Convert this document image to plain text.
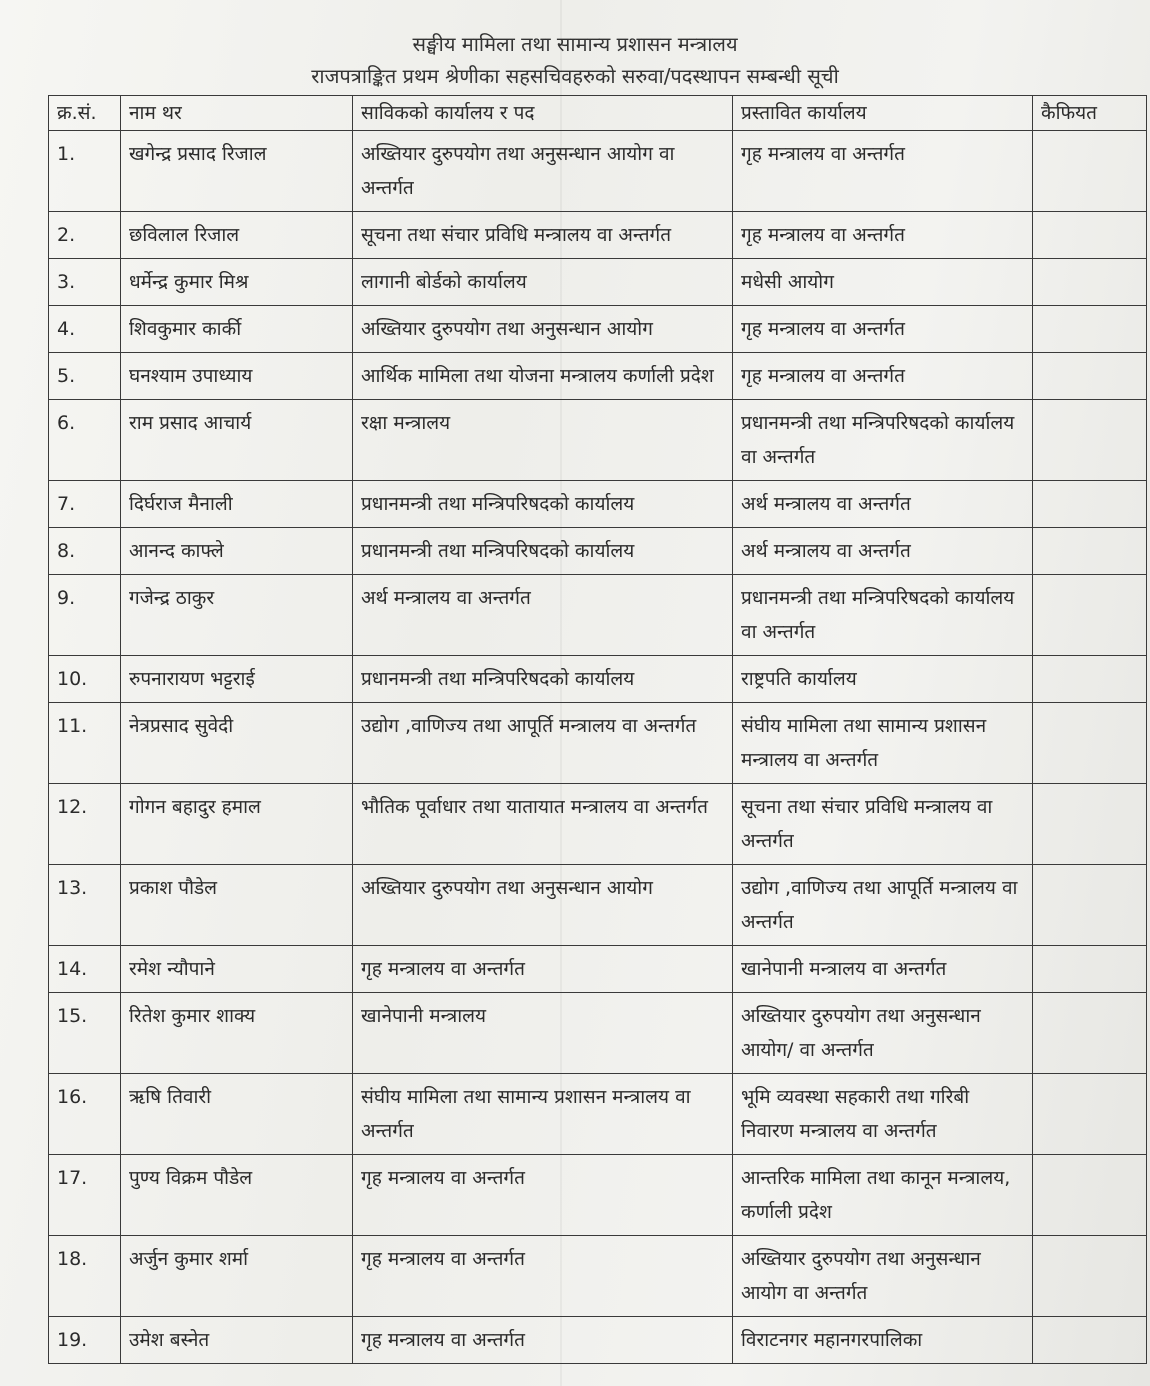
सङ्घीय मामिला तथा सामान्य प्रशासन मन्त्रालय
राजपत्राङ्कित प्रथम श्रेणीका सहसचिवहरुको सरुवा/पदस्थापन सम्बन्धी सूची
क्र.सं.	नाम थर	साविकको कार्यालय र पद	प्रस्तावित कार्यालय	कैफियत
1.	खगेन्द्र प्रसाद रिजाल	अख्तियार दुरुपयोग तथा अनुसन्धान आयोग वा अन्तर्गत	गृह मन्त्रालय वा अन्तर्गत	
2.	छविलाल रिजाल	सूचना तथा संचार प्रविधि मन्त्रालय वा अन्तर्गत	गृह मन्त्रालय वा अन्तर्गत	
3.	धर्मेन्द्र कुमार मिश्र	लागानी बोर्डको कार्यालय	मधेसी आयोग	
4.	शिवकुमार कार्की	अख्तियार दुरुपयोग तथा अनुसन्धान आयोग	गृह मन्त्रालय वा अन्तर्गत	
5.	घनश्याम उपाध्याय	आर्थिक मामिला तथा योजना मन्त्रालय कर्णाली प्रदेश	गृह मन्त्रालय वा अन्तर्गत	
6.	राम प्रसाद आचार्य	रक्षा मन्त्रालय	प्रधानमन्त्री तथा मन्त्रिपरिषदको कार्यालय वा अन्तर्गत	
7.	दिर्घराज मैनाली	प्रधानमन्त्री तथा मन्त्रिपरिषदको कार्यालय	अर्थ मन्त्रालय वा अन्तर्गत	
8.	आनन्द काफ्ले	प्रधानमन्त्री तथा मन्त्रिपरिषदको कार्यालय	अर्थ मन्त्रालय वा अन्तर्गत	
9.	गजेन्द्र ठाकुर	अर्थ मन्त्रालय वा अन्तर्गत	प्रधानमन्त्री तथा मन्त्रिपरिषदको कार्यालय वा अन्तर्गत	
10.	रुपनारायण भट्टराई	प्रधानमन्त्री तथा मन्त्रिपरिषदको कार्यालय	राष्ट्रपति कार्यालय	
11.	नेत्रप्रसाद सुवेदी	उद्योग ,वाणिज्य तथा आपूर्ति मन्त्रालय वा अन्तर्गत	संघीय मामिला तथा सामान्य प्रशासन मन्त्रालय वा अन्तर्गत	
12.	गोगन बहादुर हमाल	भौतिक पूर्वाधार तथा यातायात मन्त्रालय वा अन्तर्गत	सूचना तथा संचार प्रविधि मन्त्रालय वा अन्तर्गत	
13.	प्रकाश पौडेल	अख्तियार दुरुपयोग तथा अनुसन्धान आयोग	उद्योग ,वाणिज्य तथा आपूर्ति मन्त्रालय वा अन्तर्गत	
14.	रमेश न्यौपाने	गृह मन्त्रालय वा अन्तर्गत	खानेपानी मन्त्रालय वा अन्तर्गत	
15.	रितेश कुमार शाक्य	खानेपानी मन्त्रालय	अख्तियार दुरुपयोग तथा अनुसन्धान आयोग/ वा अन्तर्गत	
16.	ऋषि तिवारी	संघीय मामिला तथा सामान्य प्रशासन मन्त्रालय वा अन्तर्गत	भूमि व्यवस्था सहकारी तथा गरिबी निवारण मन्त्रालय वा अन्तर्गत	
17.	पुण्य विक्रम पौडेल	गृह मन्त्रालय वा अन्तर्गत	आन्तरिक मामिला तथा कानून मन्त्रालय, कर्णाली प्रदेश	
18.	अर्जुन कुमार शर्मा	गृह मन्त्रालय वा अन्तर्गत	अख्तियार दुरुपयोग तथा अनुसन्धान आयोग वा अन्तर्गत	
19.	उमेश बस्नेत	गृह मन्त्रालय वा अन्तर्गत	विराटनगर महानगरपालिका	
